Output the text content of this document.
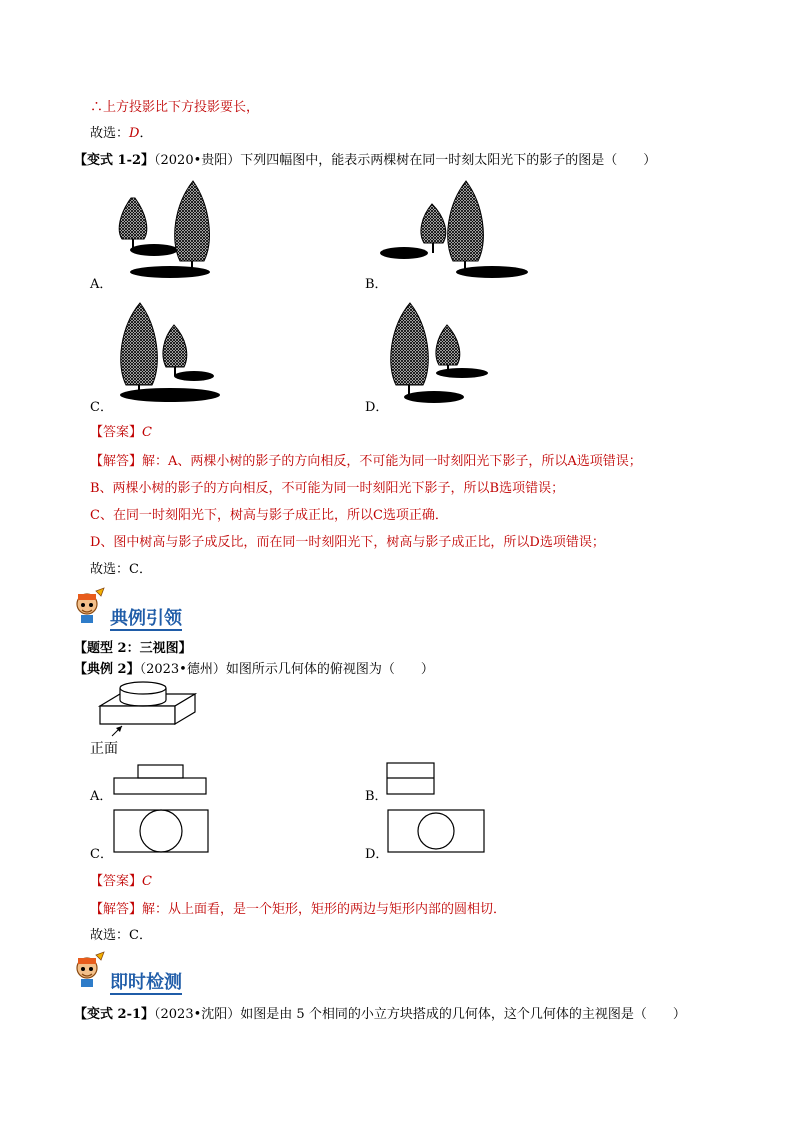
∴上方投影比下方投影要长，
故选：D．
【变式 1-2】（2020•贵阳）下列四幅图中，能表示两棵树在同一时刻太阳光下的影子的图是（　　）
A．	B．
C．	D．
【答案】C
【解答】解：A、两棵小树的影子的方向相反，不可能为同一时刻阳光下影子，所以A选项错误；
B、两棵小树的影子的方向相反，不可能为同一时刻阳光下影子，所以B选项错误；
C、在同一时刻阳光下，树高与影子成正比，所以C选项正确．
D、图中树高与影子成反比，而在同一时刻阳光下，树高与影子成正比，所以D选项错误；
故选：C．
典例引领
【题型 2：三视图】
【典例 2】（2023•德州）如图所示几何体的俯视图为（　　）
正面
A．	B．
C．	D．
【答案】C
【解答】解：从上面看，是一个矩形，矩形的两边与矩形内部的圆相切．
故选：C．
即时检测
【变式 2-1】（2023•沈阳）如图是由 5 个相同的小立方块搭成的几何体，这个几何体的主视图是（　　）
